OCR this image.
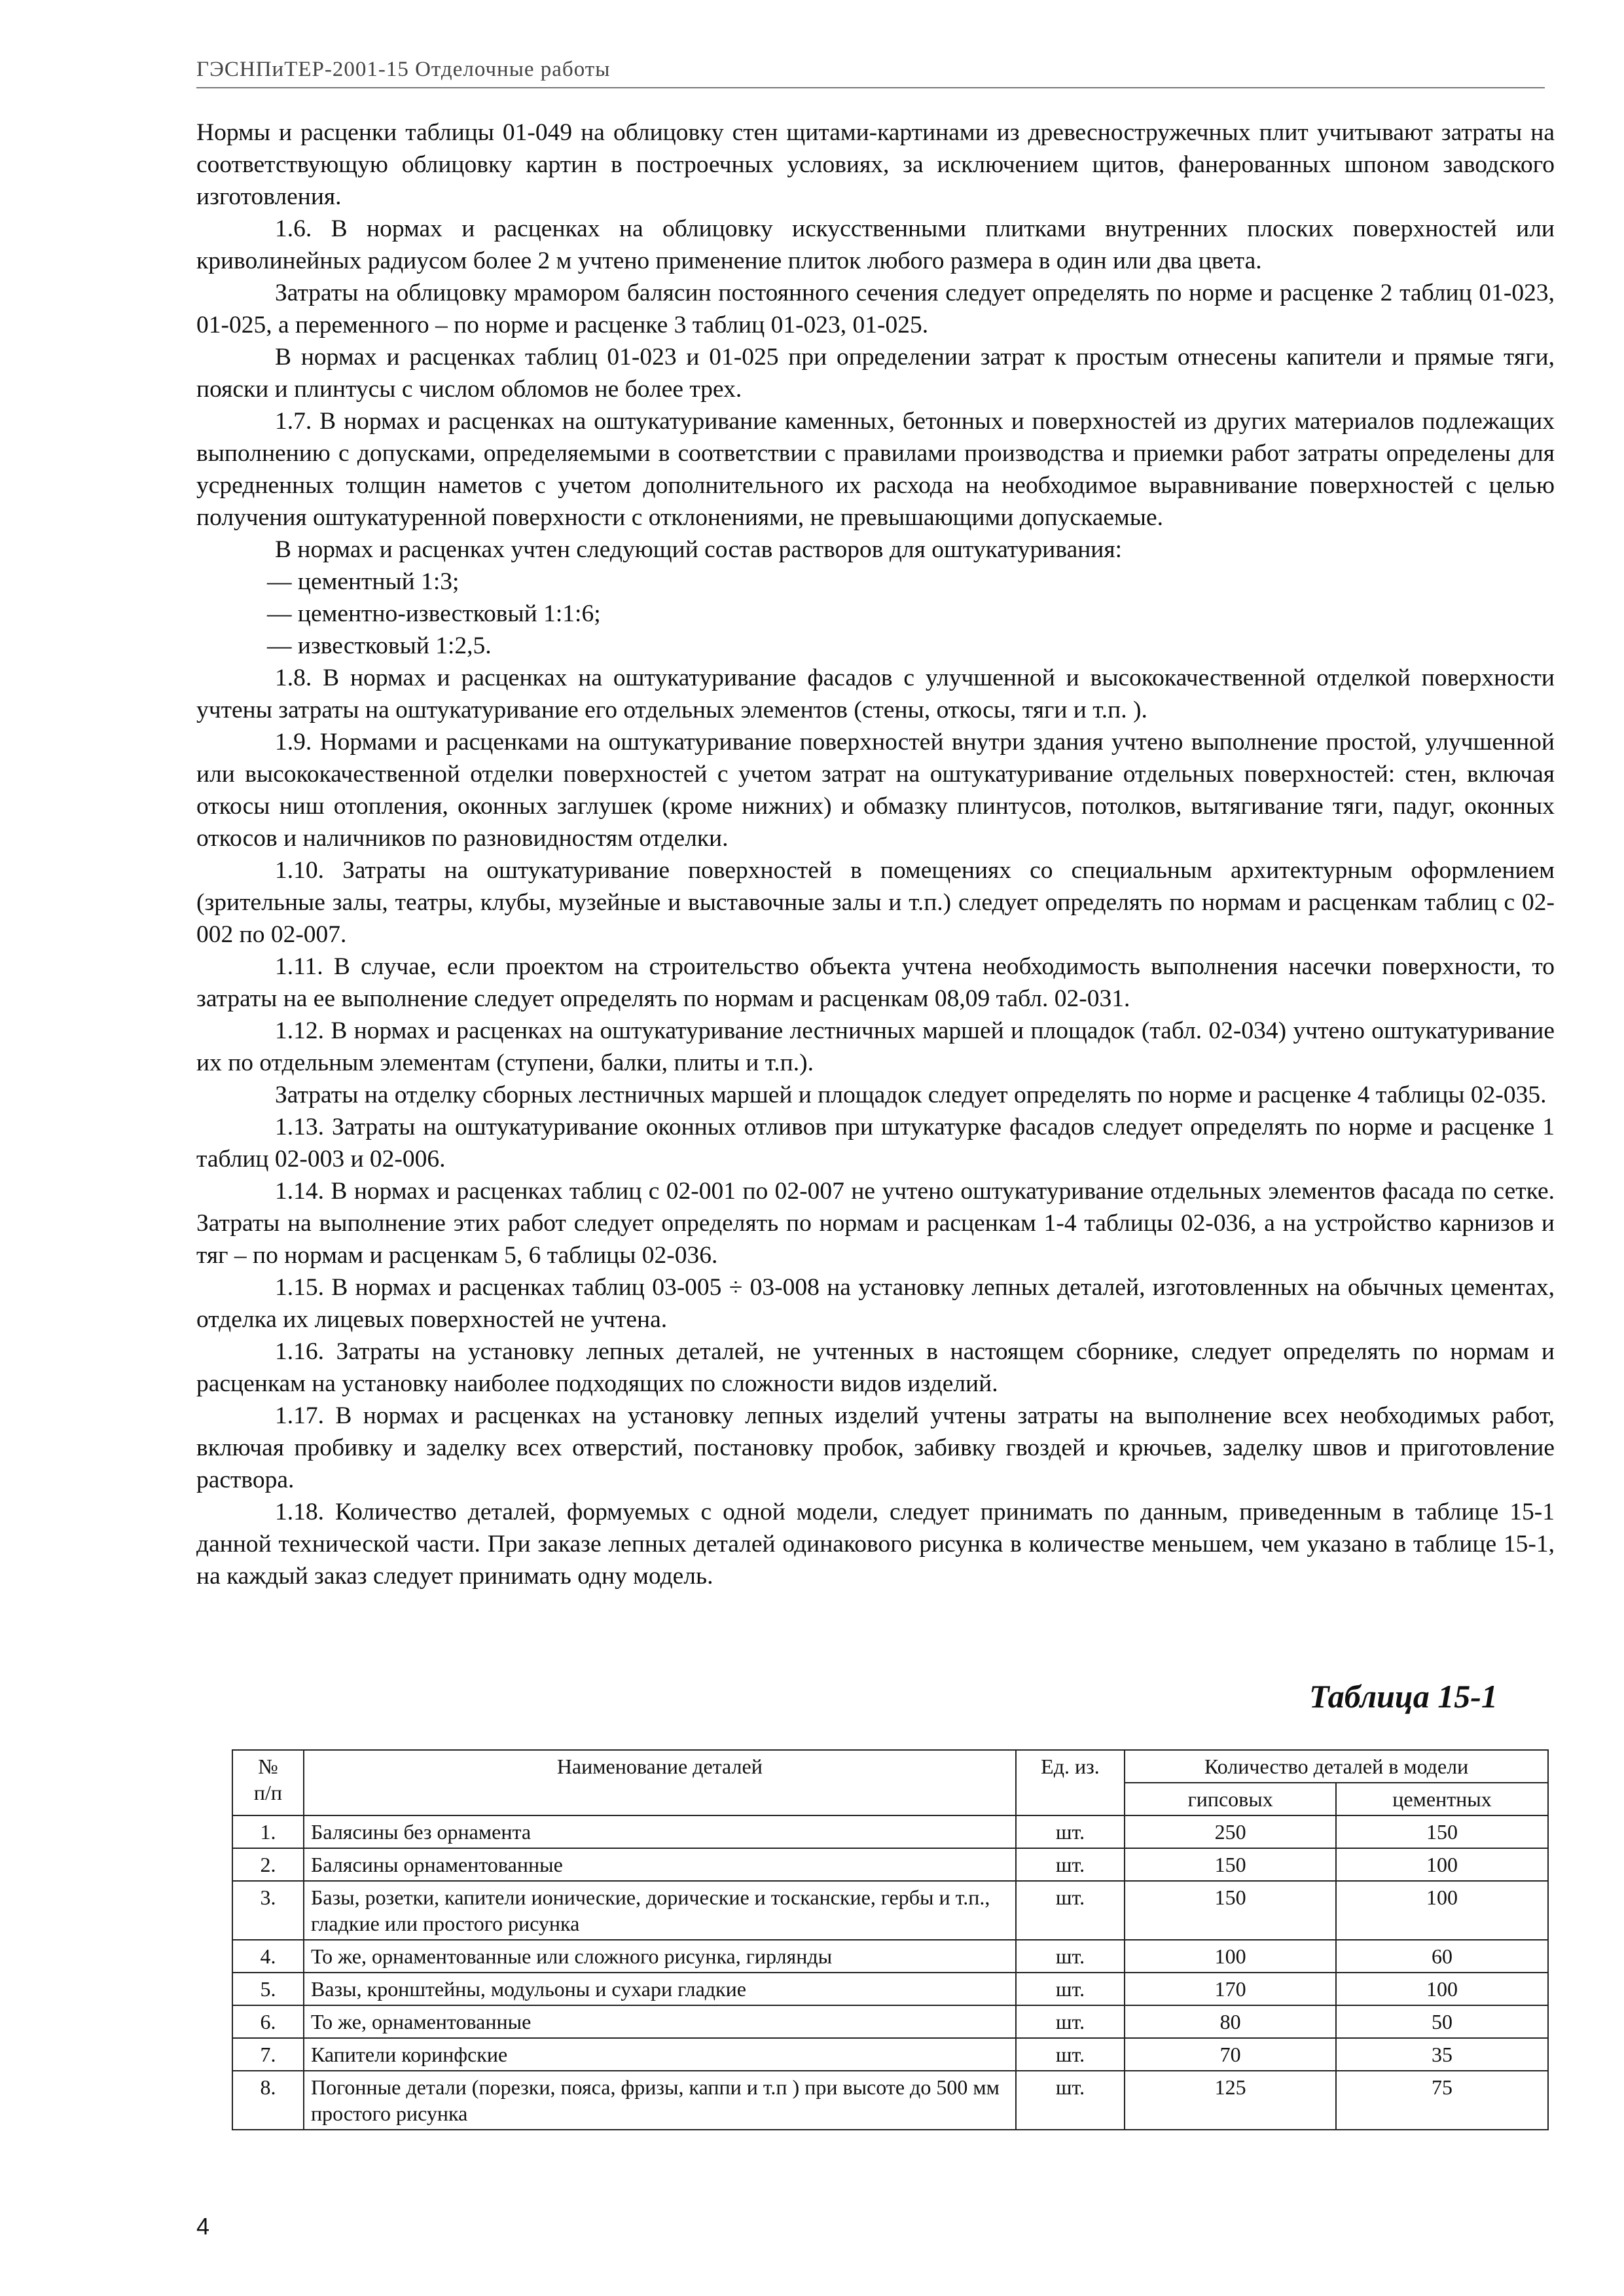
ГЭСНПиТЕР-2001-15 Отделочные работы

Нормы и расценки таблицы 01-049 на облицовку стен щитами-картинами из древесностружечных плит учитывают затраты на соответствующую облицовку картин в построечных условиях, за исключением щитов, фанерованных шпоном заводского изготовления.

1.6. В нормах и расценках на облицовку искусственными плитками внутренних плоских поверхностей или криволинейных радиусом более 2 м учтено применение плиток любого размера в один или два цвета.

Затраты на облицовку мрамором балясин постоянного сечения следует определять по норме и расценке 2 таблиц 01-023, 01-025, а переменного – по норме и расценке 3 таблиц 01-023, 01-025.

В нормах и расценках таблиц 01-023 и 01-025 при определении затрат к простым отнесены капители и прямые тяги, пояски и плинтусы с числом обломов не более трех.

1.7. В нормах и расценках на оштукатуривание каменных, бетонных и поверхностей из других материалов подлежащих выполнению с допусками, определяемыми в соответствии с правилами производства и приемки работ затраты определены для усредненных толщин наметов с учетом дополнительного их расхода на необходимое выравнивание поверхностей с целью получения оштукатуренной поверхности с отклонениями, не превышающими допускаемые.

В нормах и расценках учтен следующий состав растворов для оштукатуривания:

— цементный 1:3;

— цементно-известковый 1:1:6;

— известковый 1:2,5.

1.8. В нормах и расценках на оштукатуривание фасадов с улучшенной и высококачественной отделкой поверхности учтены затраты на оштукатуривание его отдельных элементов (стены, откосы, тяги и т.п. ).

1.9. Нормами и расценками на оштукатуривание поверхностей внутри здания учтено выполнение простой, улучшенной или высококачественной отделки поверхностей с учетом затрат на оштукатуривание отдельных поверхностей: стен, включая откосы ниш отопления, оконных заглушек (кроме нижних) и обмазку плинтусов, потолков, вытягивание тяги, падуг, оконных откосов и наличников по разновидностям отделки.

1.10. Затраты на оштукатуривание поверхностей в помещениях со специальным архитектурным оформлением (зрительные залы, театры, клубы, музейные и выставочные залы и т.п.) следует определять по нормам и расценкам таблиц с 02-002 по 02-007.

1.11. В случае, если проектом на строительство объекта учтена необходимость выполнения насечки поверхности, то затраты на ее выполнение следует определять по нормам и расценкам 08,09 табл. 02-031.

1.12. В нормах и расценках на оштукатуривание лестничных маршей и площадок (табл. 02-034) учтено оштукатуривание их по отдельным элементам (ступени, балки, плиты и т.п.).

Затраты на отделку сборных лестничных маршей и площадок следует определять по норме и расценке 4 таблицы 02-035.

1.13. Затраты на оштукатуривание оконных отливов при штукатурке фасадов следует определять по норме и расценке 1 таблиц 02-003 и 02-006.

1.14. В нормах и расценках таблиц с 02-001 по 02-007 не учтено оштукатуривание отдельных элементов фасада по сетке. Затраты на выполнение этих работ следует определять по нормам и расценкам 1-4 таблицы 02-036, а на устройство карнизов и тяг – по нормам и расценкам 5, 6 таблицы 02-036.

1.15. В нормах и расценках таблиц 03-005 ÷ 03-008 на установку лепных деталей, изготовленных на обычных цементах, отделка их лицевых поверхностей не учтена.

1.16. Затраты на установку лепных деталей, не учтенных в настоящем сборнике, следует определять по нормам и расценкам на установку наиболее подходящих по сложности видов изделий.

1.17. В нормах и расценках на установку лепных изделий учтены затраты на выполнение всех необходимых работ, включая пробивку и заделку всех отверстий, постановку пробок, забивку гвоздей и крючьев, заделку швов и приготовление раствора.

1.18. Количество деталей, формуемых с одной модели, следует принимать по данным, приведенным в таблице 15-1 данной технической части. При заказе лепных деталей одинакового рисунка в количестве меньшем, чем указано в таблице 15-1, на каждый заказ следует принимать одну модель.

Таблица 15-1
№
п/п	Наименование деталей	Ед. из.	Количество деталей в модели	
			гипсовых	цементных
1.	Балясины без орнамента	шт.	250	150
2.	Балясины орнаментованные	шт.	150	100
3.	Базы, розетки, капители ионические, дорические и тосканские, гербы и т.п., гладкие или простого рисунка	шт.	150	100
4.	То же, орнаментованные или сложного рисунка, гирлянды	шт.	100	60
5.	Вазы, кронштейны, модульоны и сухари гладкие	шт.	170	100
6.	То же, орнаментованные	шт.	80	50
7.	Капители коринфские	шт.	70	35
8.	Погонные детали (порезки, пояса, фризы, каппи и т.п ) при высоте до 500 мм простого рисунка	шт.	125	75
4
